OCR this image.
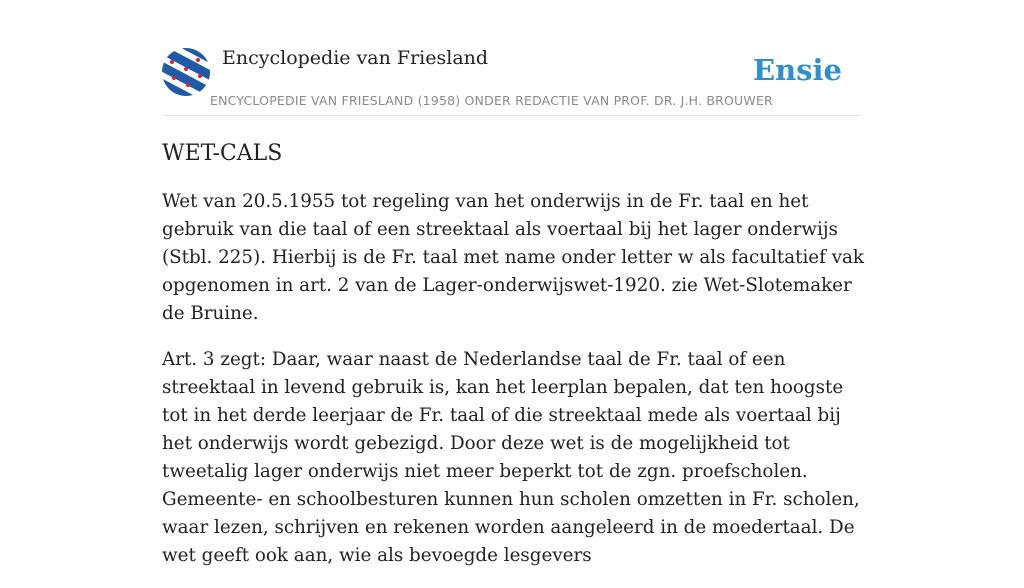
Encyclopedie van Friesland	Ensie
ENCYCLOPEDIE VAN FRIESLAND (1958) ONDER REDACTIE VAN PROF. DR. J.H. BROUWER
WET-CALS

Wet van 20.5.1955 tot regeling van het onderwijs in de Fr. taal en het gebruik van die taal of een streektaal als voertaal bij het lager onderwijs (Stbl. 225). Hierbij is de Fr. taal met name onder letter w als facultatief vak opgenomen in art. 2 van de Lager-onderwijswet-1920. zie Wet-Slotemaker de Bruine.

Art. 3 zegt: Daar, waar naast de Nederlandse taal de Fr. taal of een streektaal in levend gebruik is, kan het leerplan bepalen, dat ten hoogste tot in het derde leerjaar de Fr. taal of die streektaal mede als voertaal bij het onderwijs wordt gebezigd. Door deze wet is de mogelijkheid tot tweetalig lager onderwijs niet meer beperkt tot de zgn. proefscholen. Gemeente- en schoolbesturen kunnen hun scholen omzetten in Fr. scholen, waar lezen, schrijven en rekenen worden aangeleerd in de moedertaal. De wet geeft ook aan, wie als bevoegde lesgevers
